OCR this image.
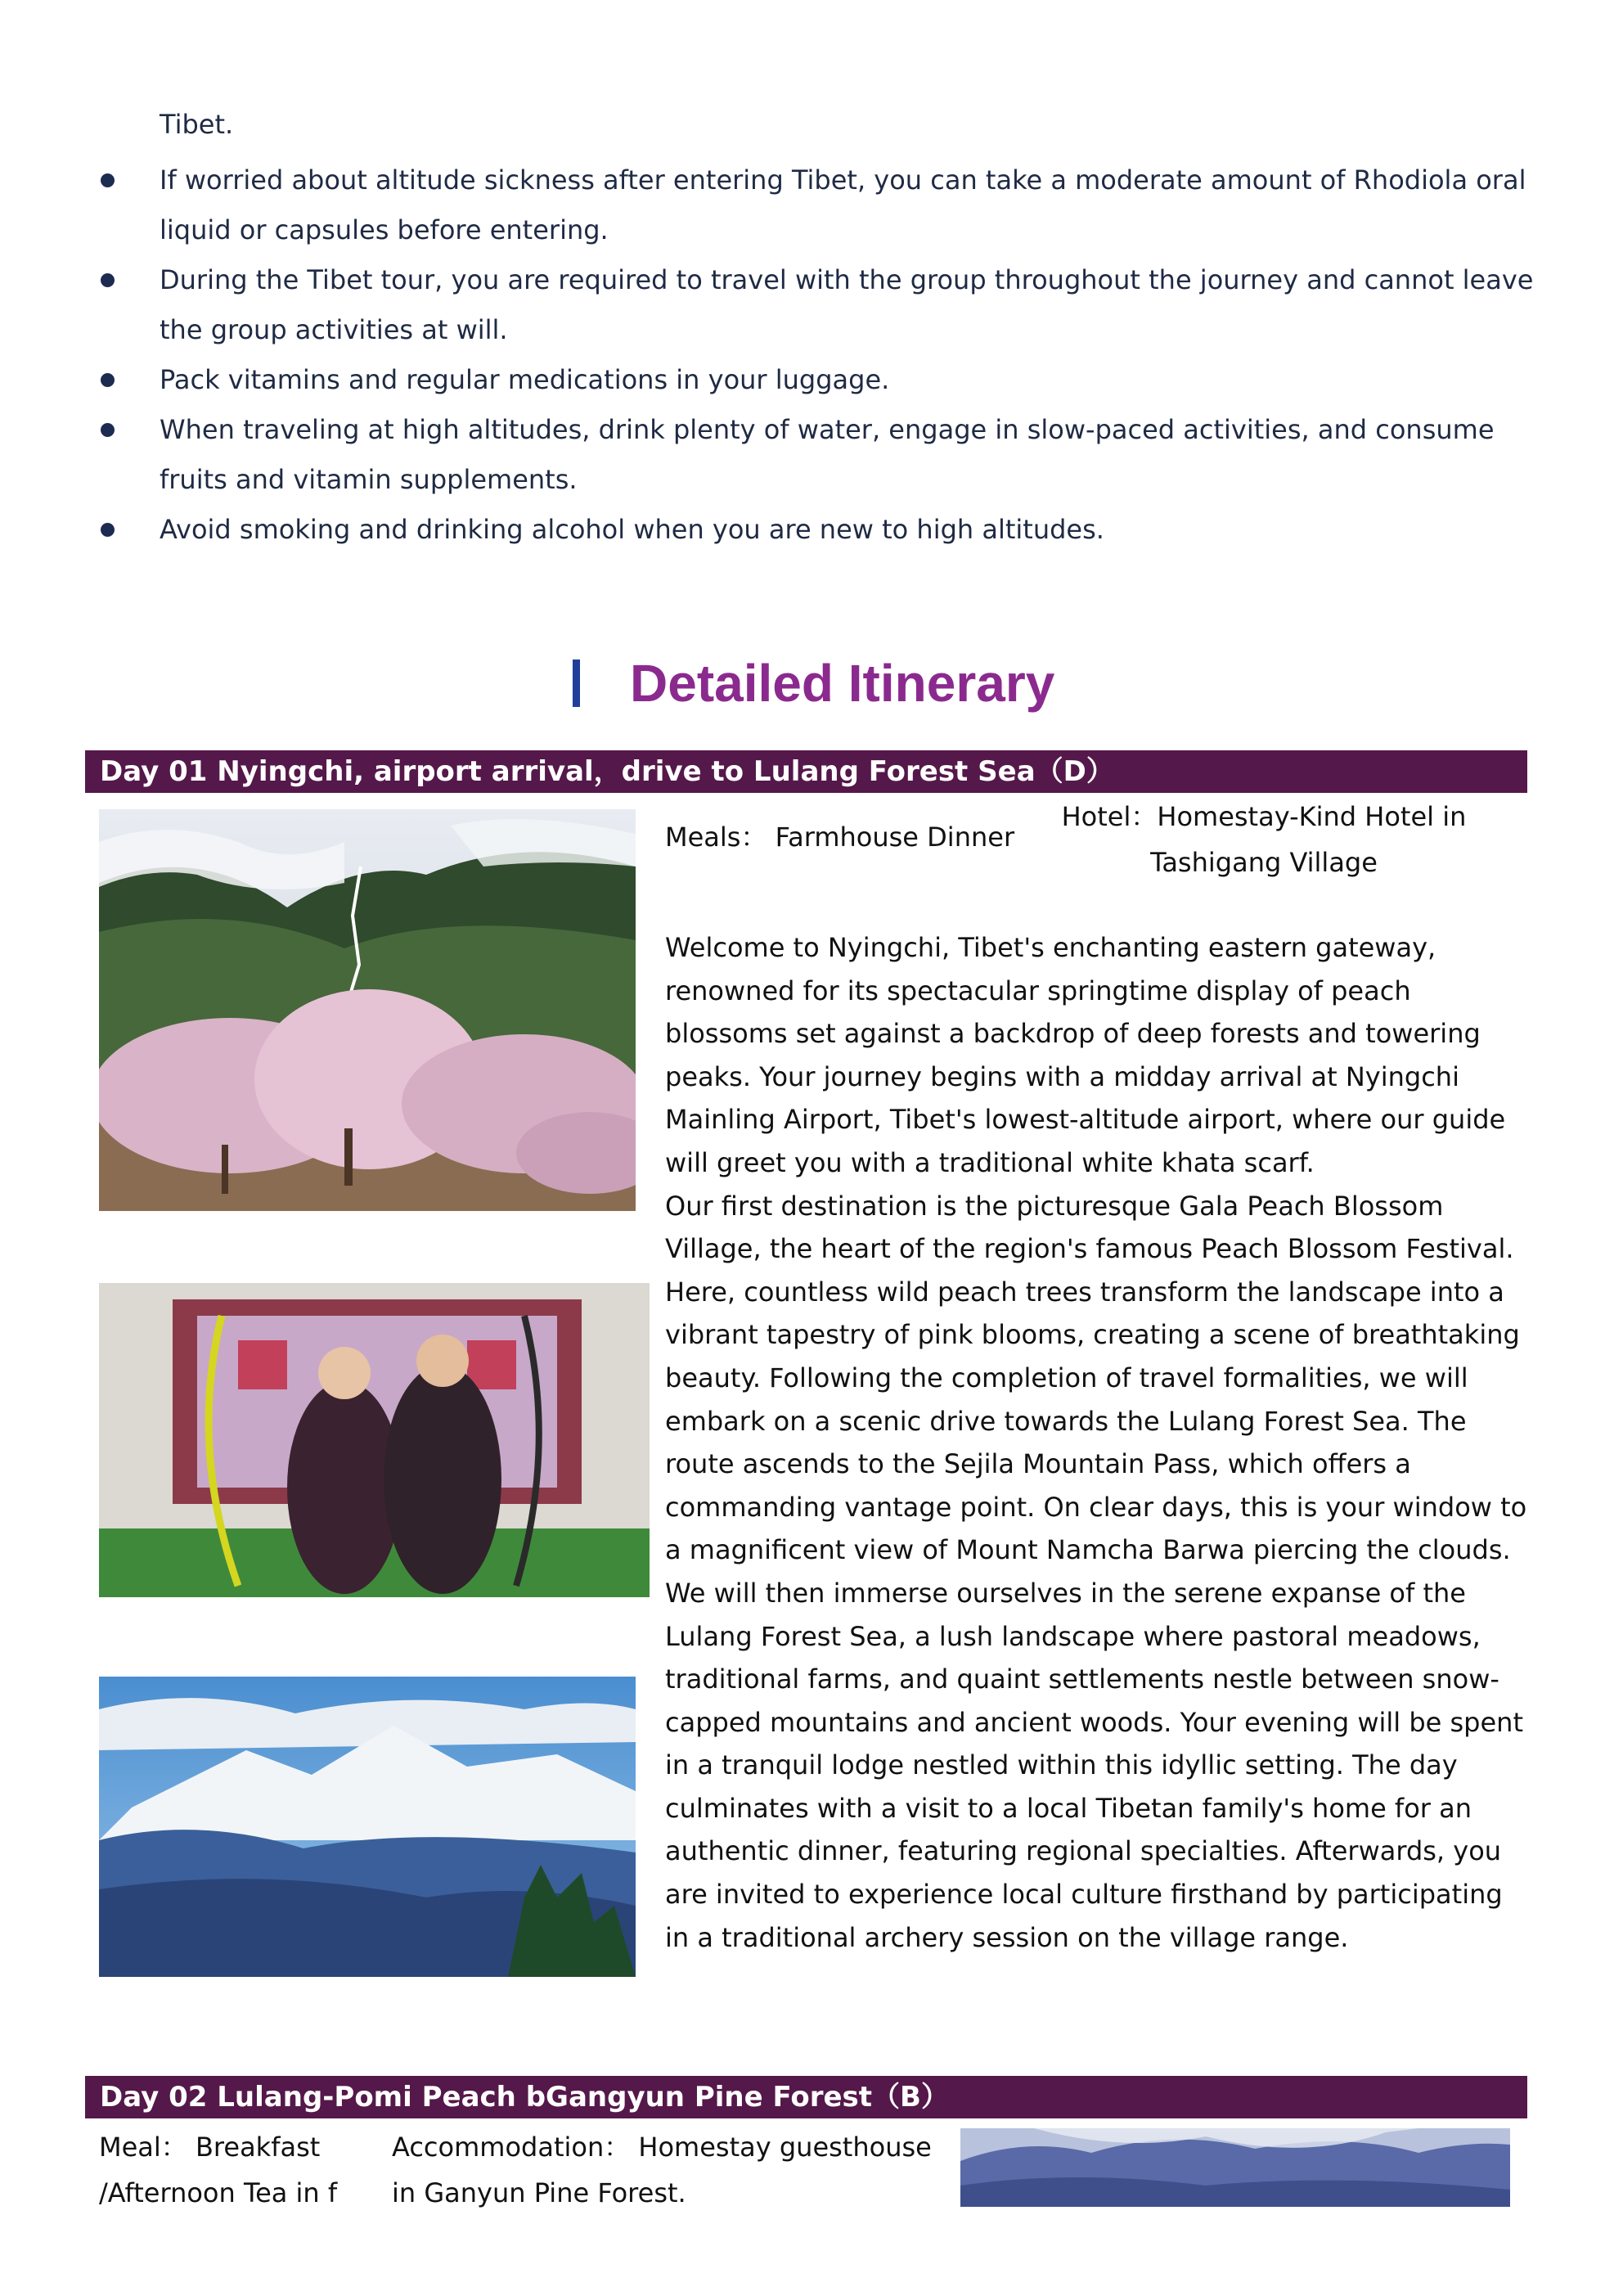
Tibet.
If worried about altitude sickness after entering Tibet, you can take a moderate amount of Rhodiola oral liquid or capsules before entering.
During the Tibet tour, you are required to travel with the group throughout the journey and cannot leave the group activities at will.
Pack vitamins and regular medications in your luggage.
When traveling at high altitudes, drink plenty of water, engage in slow-paced activities, and consume fruits and vitamin supplements.
Avoid smoking and drinking alcohol when you are new to high altitudes.
Detailed Itinerary
Day 01 Nyingchi, airport arrival，drive to Lulang Forest Sea（D）
Meals： Farmhouse Dinner
Hotel：Homestay-Kind Hotel in Tashigang Village

Welcome to Nyingchi, Tibet's enchanting eastern gateway, renowned for its spectacular springtime display of peach blossoms set against a backdrop of deep forests and towering peaks. Your journey begins with a midday arrival at Nyingchi Mainling Airport, Tibet's lowest-altitude airport, where our guide will greet you with a traditional white khata scarf.

Our first destination is the picturesque Gala Peach Blossom Village, the heart of the region's famous Peach Blossom Festival. Here, countless wild peach trees transform the landscape into a vibrant tapestry of pink blooms, creating a scene of breathtaking beauty. Following the completion of travel formalities, we will embark on a scenic drive towards the Lulang Forest Sea. The route ascends to the Sejila Mountain Pass, which offers a commanding vantage point. On clear days, this is your window to a magnificent view of Mount Namcha Barwa piercing the clouds.

We will then immerse ourselves in the serene expanse of the Lulang Forest Sea, a lush landscape where pastoral meadows, traditional farms, and quaint settlements nestle between snow-capped mountains and ancient woods. Your evening will be spent in a tranquil lodge nestled within this idyllic setting. The day culminates with a visit to a local Tibetan family's home for an authentic dinner, featuring regional specialties. Afterwards, you are invited to experience local culture firsthand by participating in a traditional archery session on the village range.

Day 02 Lulang-Pomi Peach bGangyun Pine Forest（B）
Meal： Breakfast /Afternoon Tea in f
Accommodation： Homestay guesthouse in Ganyun Pine Forest.
